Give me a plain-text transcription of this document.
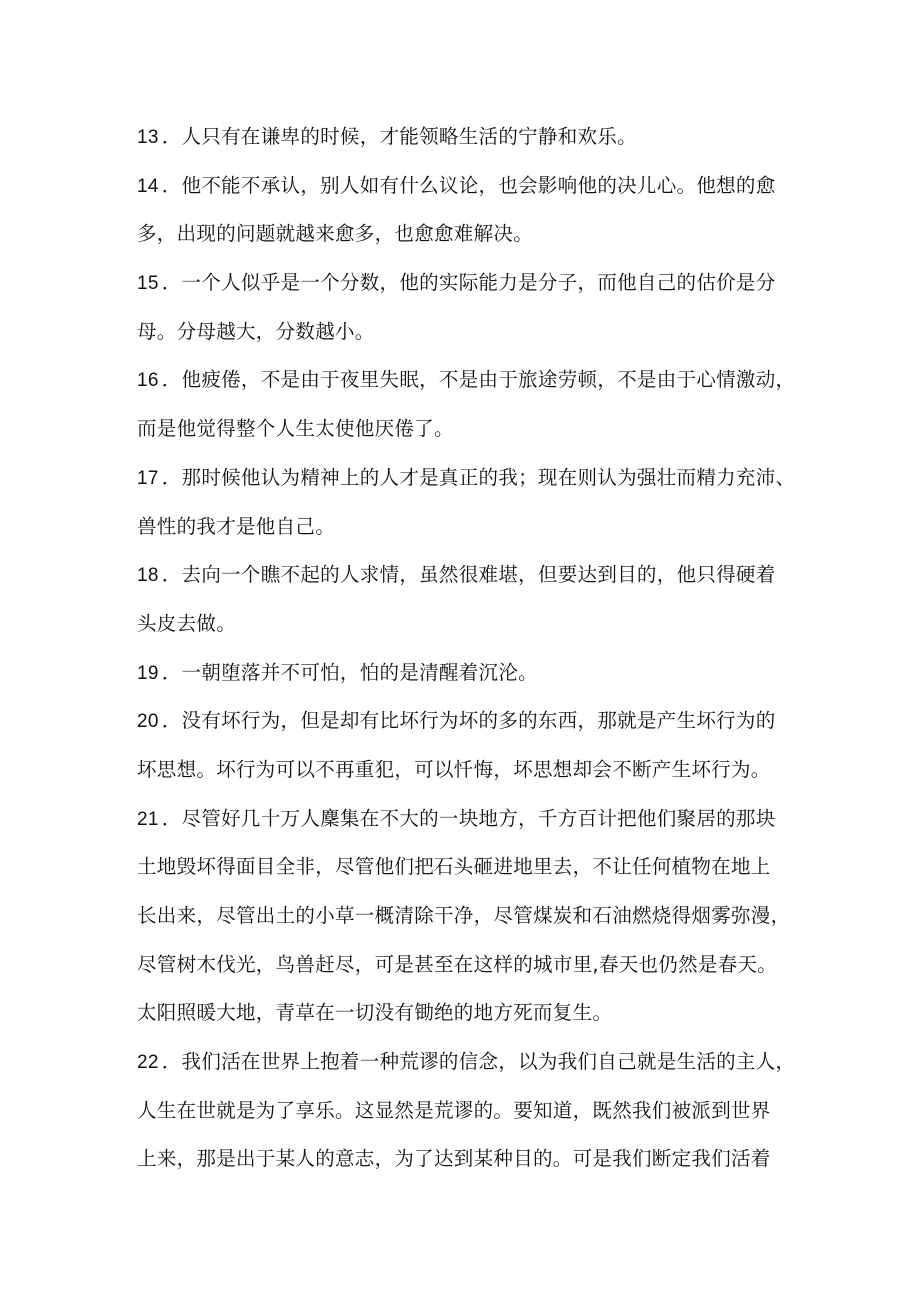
13 ．人只有在谦卑的时候，才能领略生活的宁静和欢乐。
14 ．他不能不承认，别人如有什么议论，也会影响他的决儿心。他想的愈
多，出现的问题就越来愈多，也愈愈难解决。
15 ．一个人似乎是一个分数，他的实际能力是分子，而他自己的估价是分
母。分母越大，分数越小。
16 ．他疲倦，不是由于夜里失眠，不是由于旅途劳顿，不是由于心情激动，
而是他觉得整个人生太使他厌倦了。
17 ．那时候他认为精神上的人才是真正的我；现在则认为强壮而精力充沛、
兽性的我才是他自己。
18 ．去向一个瞧不起的人求情，虽然很难堪，但要达到目的，他只得硬着
头皮去做。
19 ．一朝堕落并不可怕，怕的是清醒着沉沦。
20 ．没有坏行为，但是却有比坏行为坏的多的东西，那就是产生坏行为的
坏思想。坏行为可以不再重犯，可以忏悔，坏思想却会不断产生坏行为。
21 ．尽管好几十万人麇集在不大的一块地方，千方百计把他们聚居的那块
土地毁坏得面目全非，尽管他们把石头砸进地里去，不让任何植物在地上
长出来，尽管出土的小草一概清除干净，尽管煤炭和石油燃烧得烟雾弥漫，
尽管树木伐光，鸟兽赶尽，可是甚至在这样的城市里,春天也仍然是春天。
太阳照暖大地，青草在一切没有锄绝的地方死而复生。
22 ．我们活在世界上抱着一种荒谬的信念，以为我们自己就是生活的主人，
人生在世就是为了享乐。这显然是荒谬的。要知道，既然我们被派到世界
上来，那是出于某人的意志，为了达到某种目的。可是我们断定我们活着
